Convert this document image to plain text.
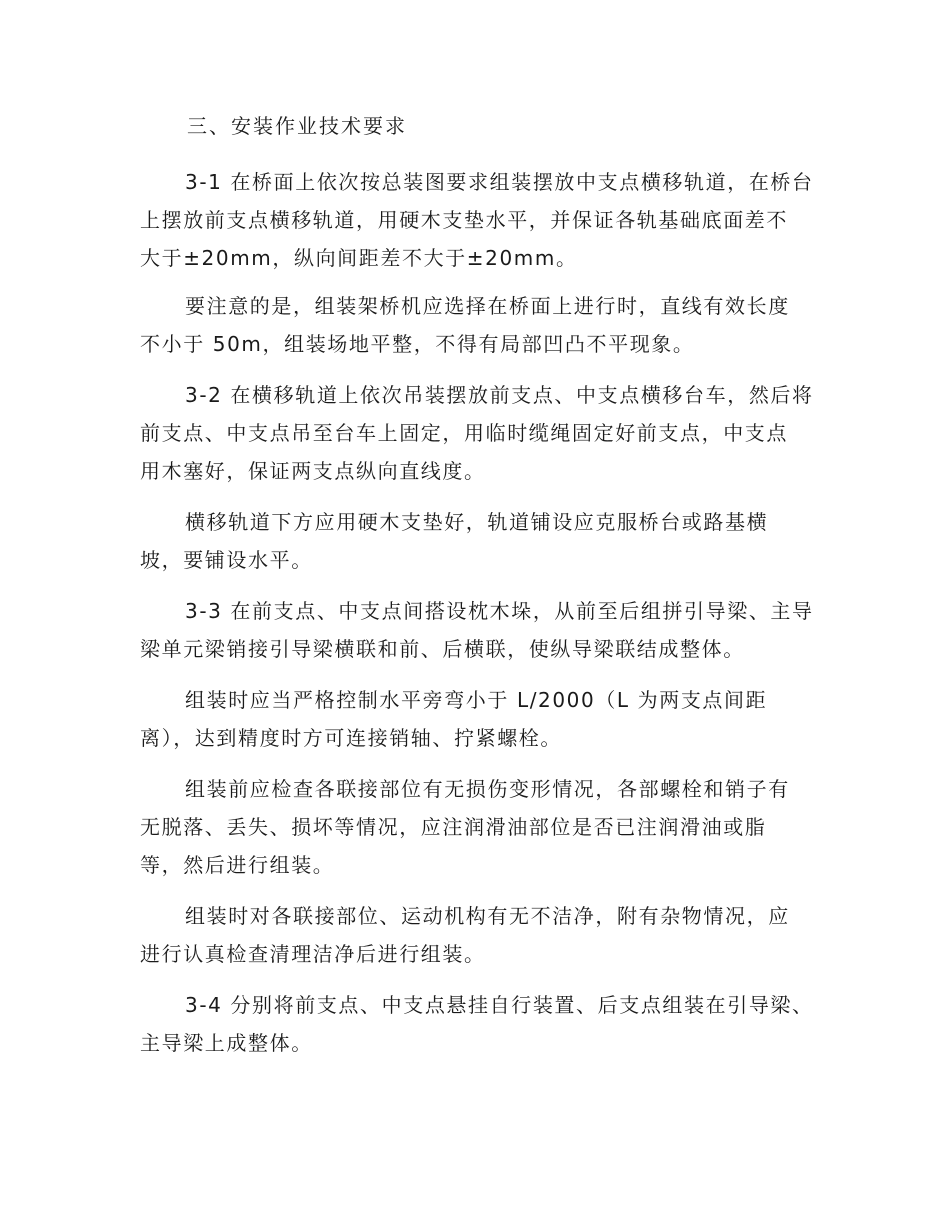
三、安装作业技术要求
3-1 在桥面上依次按总装图要求组装摆放中支点横移轨道，在桥台
上摆放前支点横移轨道，用硬木支垫水平，并保证各轨基础底面差不
大于±20mm，纵向间距差不大于±20mm。
要注意的是，组装架桥机应选择在桥面上进行时，直线有效长度
不小于 50m，组装场地平整，不得有局部凹凸不平现象。
3-2 在横移轨道上依次吊装摆放前支点、中支点横移台车，然后将
前支点、中支点吊至台车上固定，用临时缆绳固定好前支点，中支点
用木塞好，保证两支点纵向直线度。
横移轨道下方应用硬木支垫好，轨道铺设应克服桥台或路基横
坡，要铺设水平。
3-3 在前支点、中支点间搭设枕木垛，从前至后组拼引导梁、主导
梁单元梁销接引导梁横联和前、后横联，使纵导梁联结成整体。
组装时应当严格控制水平旁弯小于 L/2000（L 为两支点间距
离），达到精度时方可连接销轴、拧紧螺栓。
组装前应检查各联接部位有无损伤变形情况，各部螺栓和销子有
无脱落、丢失、损坏等情况，应注润滑油部位是否已注润滑油或脂
等，然后进行组装。
组装时对各联接部位、运动机构有无不洁净，附有杂物情况，应
进行认真检查清理洁净后进行组装。
3-4 分别将前支点、中支点悬挂自行装置、后支点组装在引导梁、
主导梁上成整体。
